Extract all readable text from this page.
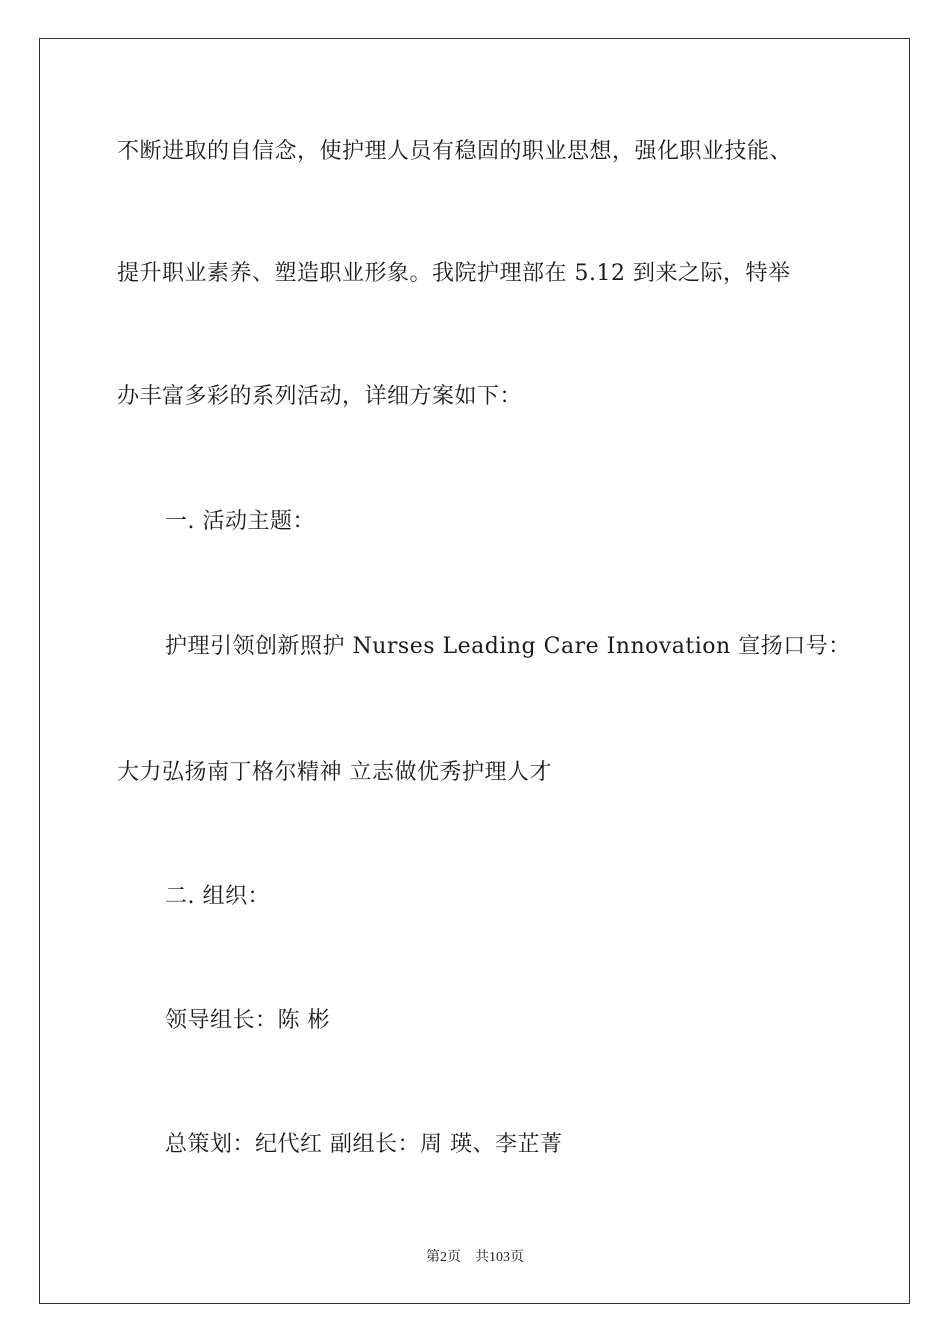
不断进取的自信念，使护理人员有稳固的职业思想，强化职业技能、
提升职业素养、塑造职业形象。我院护理部在 5.12 到来之际，特举
办丰富多彩的系列活动，详细方案如下：
一. 活动主题：
护理引领创新照护 Nurses Leading Care Innovation 宣扬口号：
大力弘扬南丁格尔精神 立志做优秀护理人才
二. 组织：
领导组长：陈 彬
总策划：纪代红 副组长：周 瑛、李芷菁
第2页 共103页
